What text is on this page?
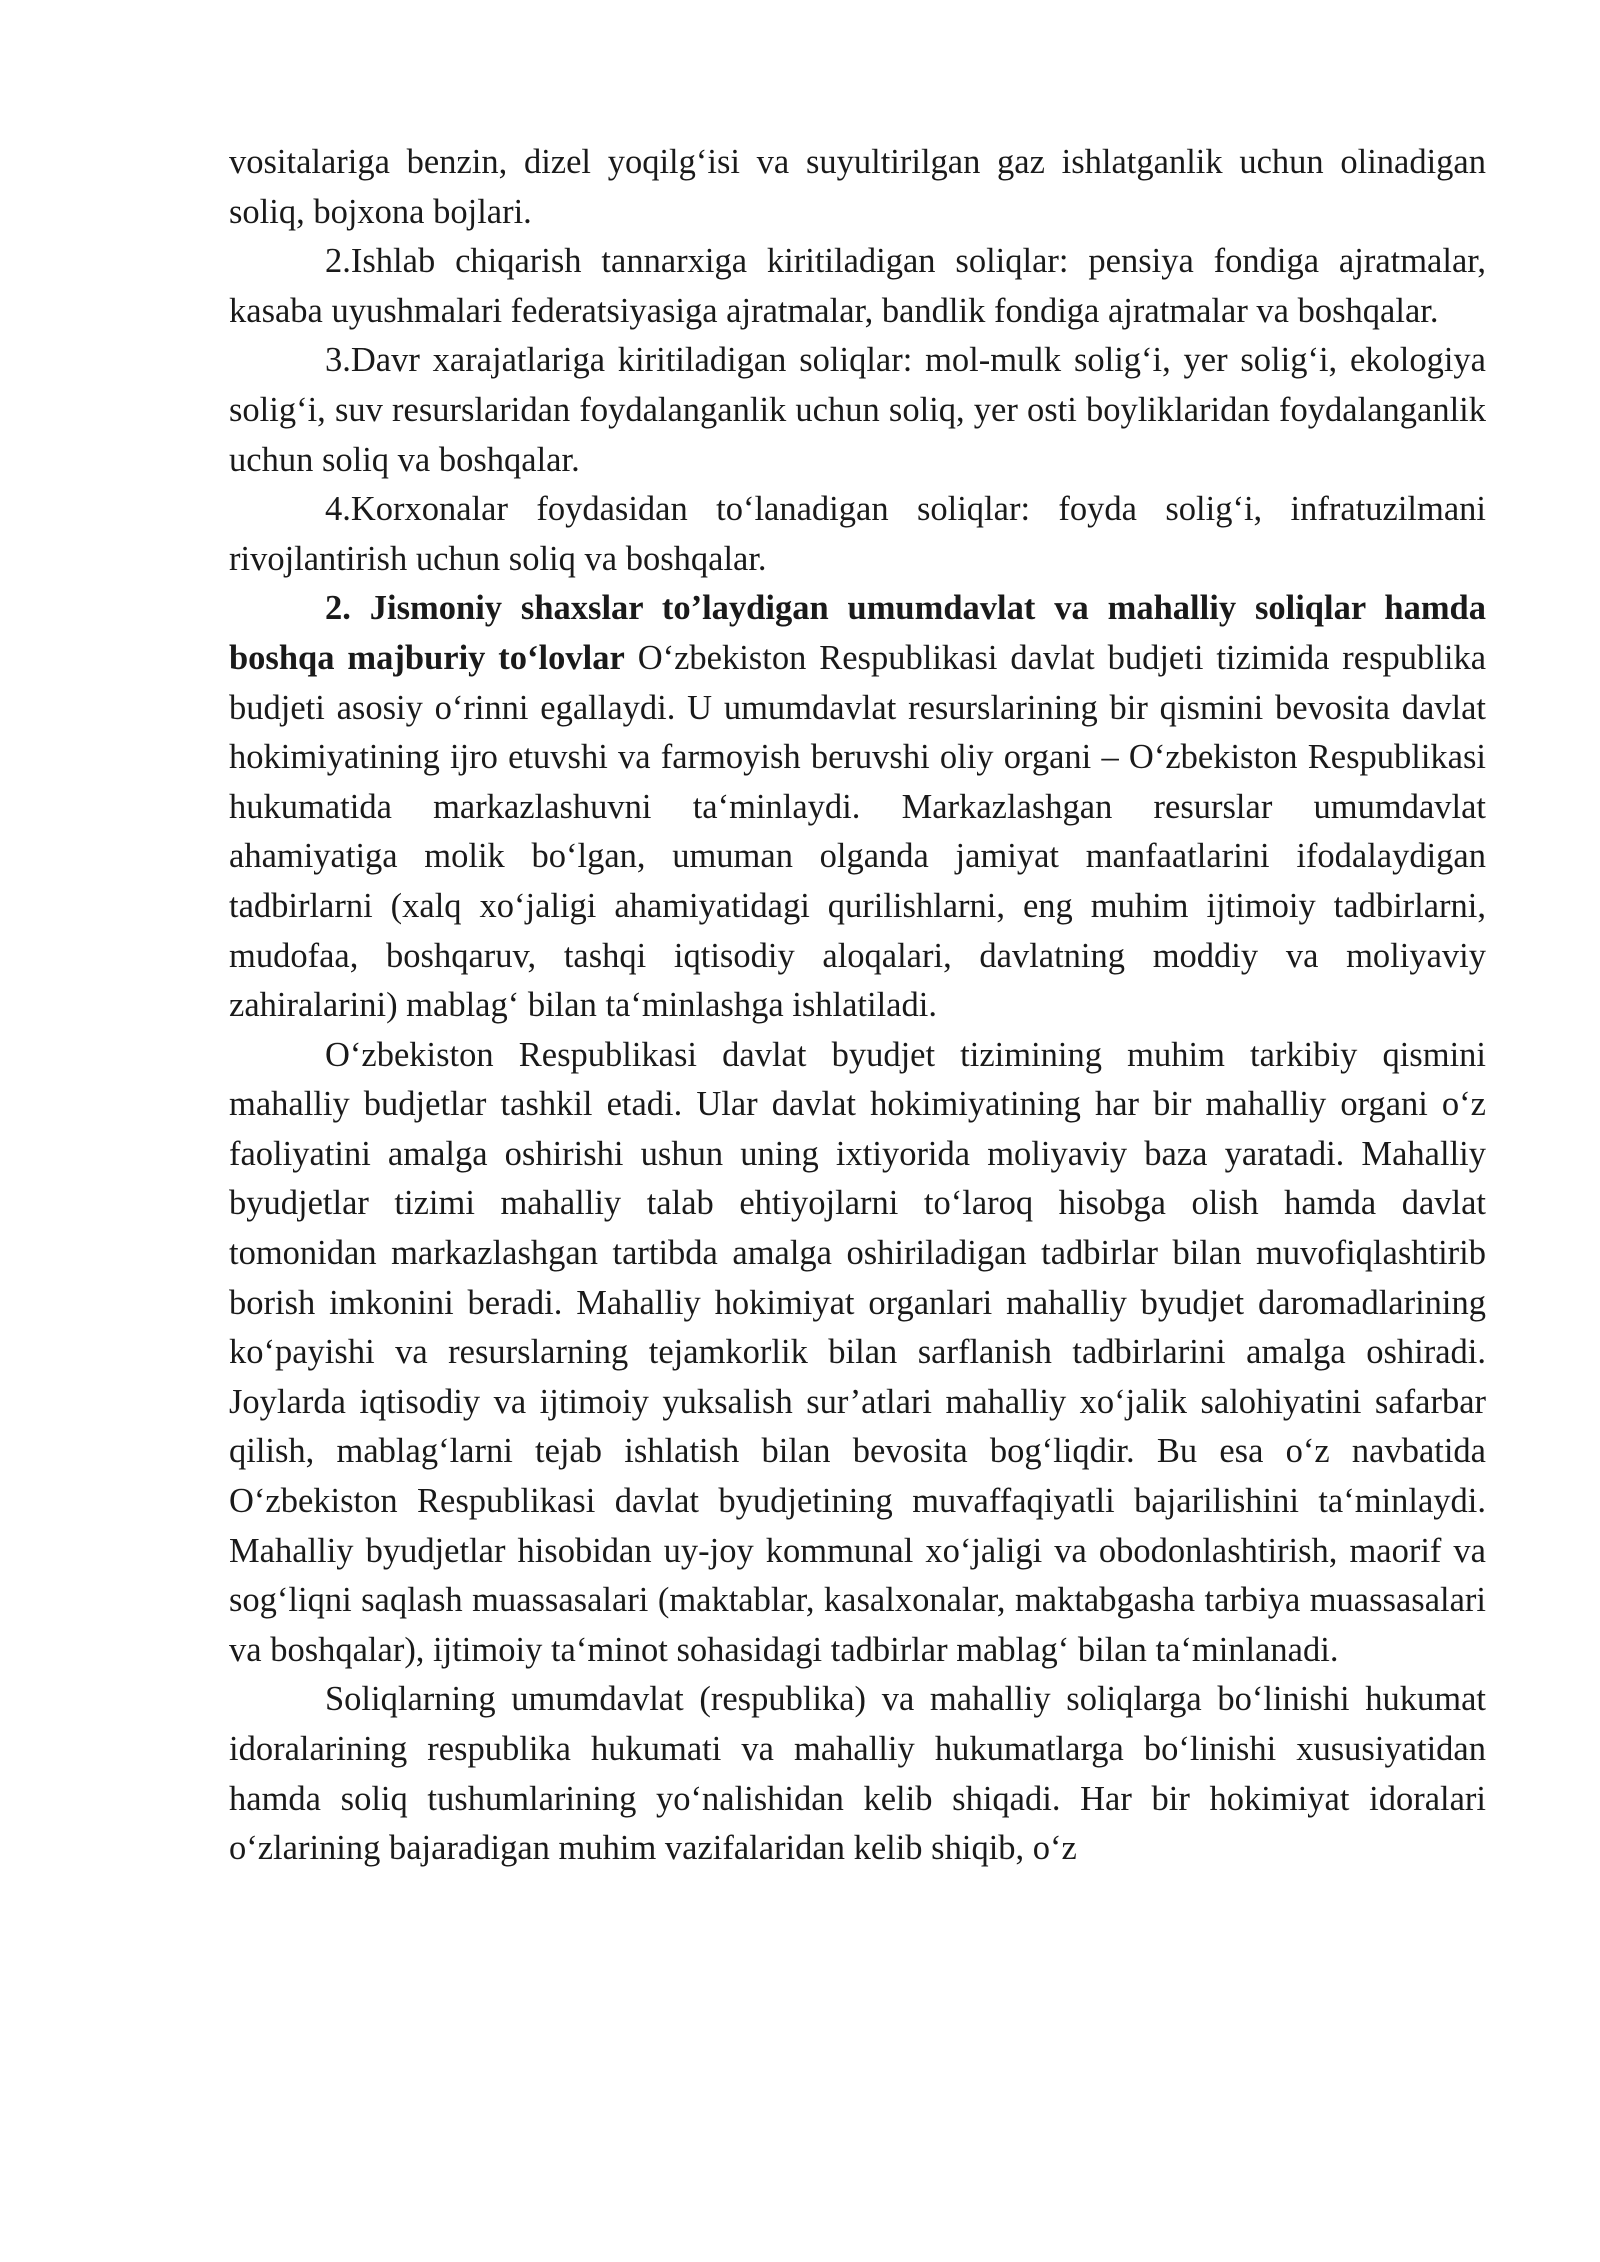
vositalariga benzin, dizel yoqilg‘isi va suyultirilgan gaz ishlatganlik uchun olinadigan soliq, bojxona bojlari.

2.Ishlab chiqarish tannarxiga kiritiladigan soliqlar: pensiya fondiga ajratmalar, kasaba uyushmalari federatsiyasiga ajratmalar, bandlik fondiga ajratmalar va boshqalar.

3.Davr xarajatlariga kiritiladigan soliqlar: mol-mulk solig‘i, yer solig‘i, ekologiya solig‘i, suv resurslaridan foydalanganlik uchun soliq, yer osti boyliklaridan foydalanganlik uchun soliq va boshqalar.

4.Korxonalar foydasidan to‘lanadigan soliqlar: foyda solig‘i, infratuzilmani rivojlantirish uchun soliq va boshqalar.

2. Jismoniy shaxslar to’laydigan umumdavlat va mahalliy soliqlar hamda boshqa majburiy to‘lovlar O‘zbekiston Respublikasi davlat budjeti tizimida respublika budjeti asosiy o‘rinni egallaydi. U umumdavlat resurslarining bir qismini bevosita davlat hokimiyatining ijro etuvshi va farmoyish beruvshi oliy organi – O‘zbekiston Respublikasi hukumatida markazlashuvni ta‘minlaydi. Markazlashgan resurslar umumdavlat ahamiyatiga molik bo‘lgan, umuman olganda jamiyat manfaatlarini ifodalaydigan tadbirlarni (xalq xo‘jaligi ahamiyatidagi qurilishlarni, eng muhim ijtimoiy tadbirlarni, mudofaa, boshqaruv, tashqi iqtisodiy aloqalari, davlatning moddiy va moliyaviy zahiralarini) mablag‘ bilan ta‘minlashga ishlatiladi.

O‘zbekiston Respublikasi davlat byudjet tizimining muhim tarkibiy qismini mahalliy budjetlar tashkil etadi. Ular davlat hokimiyatining har bir mahalliy organi o‘z faoliyatini amalga oshirishi ushun uning ixtiyorida moliyaviy baza yaratadi. Mahalliy byudjetlar tizimi mahalliy talab ehtiyojlarni to‘laroq hisobga olish hamda davlat tomonidan markazlashgan tartibda amalga oshiriladigan tadbirlar bilan muvofiqlashtirib borish imkonini beradi. Mahalliy hokimiyat organlari mahalliy byudjet daromadlarining ko‘payishi va resurslarning tejamkorlik bilan sarflanish tadbirlarini amalga oshiradi. Joylarda iqtisodiy va ijtimoiy yuksalish sur’atlari mahalliy xo‘jalik salohiyatini safarbar qilish, mablag‘larni tejab ishlatish bilan bevosita bog‘liqdir. Bu esa o‘z navbatida O‘zbekiston Respublikasi davlat byudjetining muvaffaqiyatli bajarilishini ta‘minlaydi. Mahalliy byudjetlar hisobidan uy-joy kommunal xo‘jaligi va obodonlashtirish, maorif va sog‘liqni saqlash muassasalari (maktablar, kasalxonalar, maktabgasha tarbiya muassasalari va boshqalar), ijtimoiy ta‘minot sohasidagi tadbirlar mablag‘ bilan ta‘minlanadi.

Soliqlarning umumdavlat (respublika) va mahalliy soliqlarga bo‘linishi hukumat idoralarining respublika hukumati va mahalliy hukumatlarga bo‘linishi xususiyatidan hamda soliq tushumlarining yo‘nalishidan kelib shiqadi. Har bir hokimiyat idoralari o‘zlarining bajaradigan muhim vazifalaridan kelib shiqib, o‘z
